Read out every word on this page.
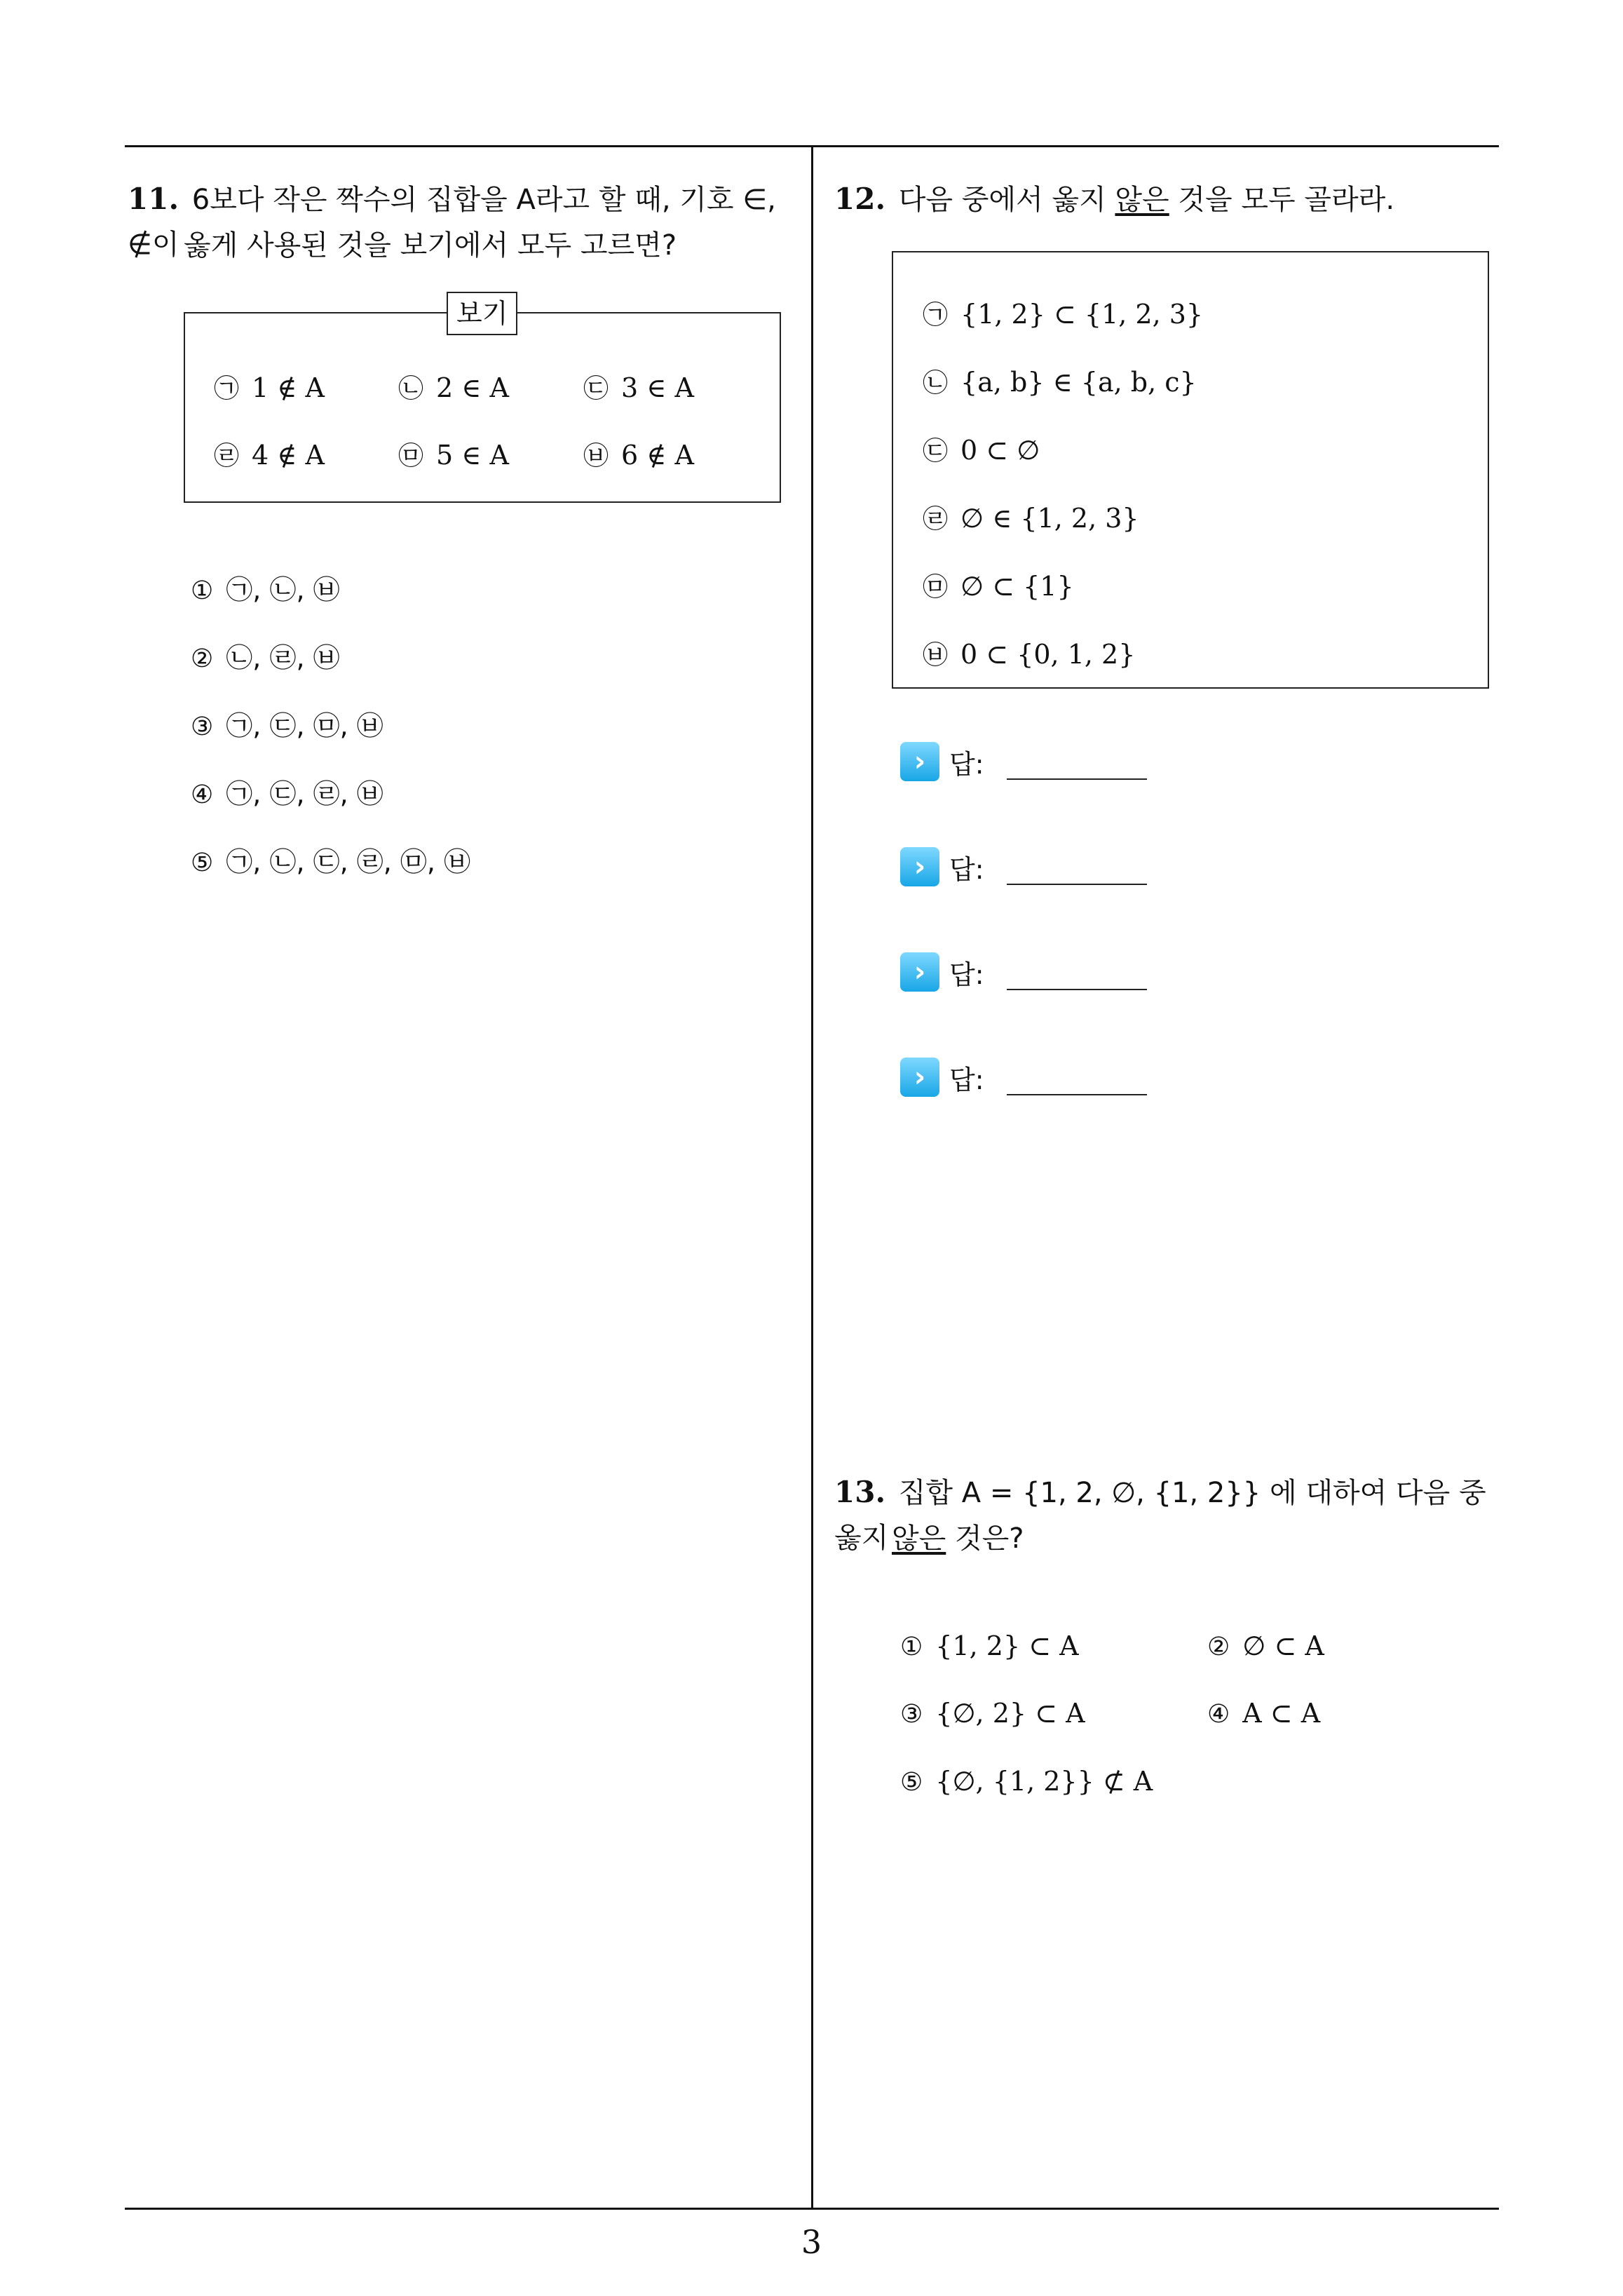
11. 6보다 작은 짝수의 집합을 A라고 할 때, 기호 ∈, ∉이 옳게 사용된 것을 보기에서 모두 고르면?
보기
㉠ 1 ∉ A	㉡ 2 ∈ A	㉢ 3 ∈ A
㉣ 4 ∉ A	㉤ 5 ∈ A	㉥ 6 ∉ A
① ㉠, ㉡, ㉥
② ㉡, ㉣, ㉥
③ ㉠, ㉢, ㉤, ㉥
④ ㉠, ㉢, ㉣, ㉥
⑤ ㉠, ㉡, ㉢, ㉣, ㉤, ㉥
12. 다음 중에서 옳지 않은 것을 모두 골라라.
㉠ {1, 2} ⊂ {1, 2, 3}
㉡ {a, b} ∈ {a, b, c}
㉢ 0 ⊂ ∅
㉣ ∅ ∈ {1, 2, 3}
㉤ ∅ ⊂ {1}
㉥ 0 ⊂ {0, 1, 2}
› 답:
› 답:
› 답:
› 답:
13. 집합 A = {1, 2, ∅, {1, 2}} 에 대하여 다음 중 옳지 않은 것은?
① {1, 2} ⊂ A	② ∅ ⊂ A
③ {∅, 2} ⊂ A	④ A ⊂ A
⑤ {∅, {1, 2}} ⊄ A
3
